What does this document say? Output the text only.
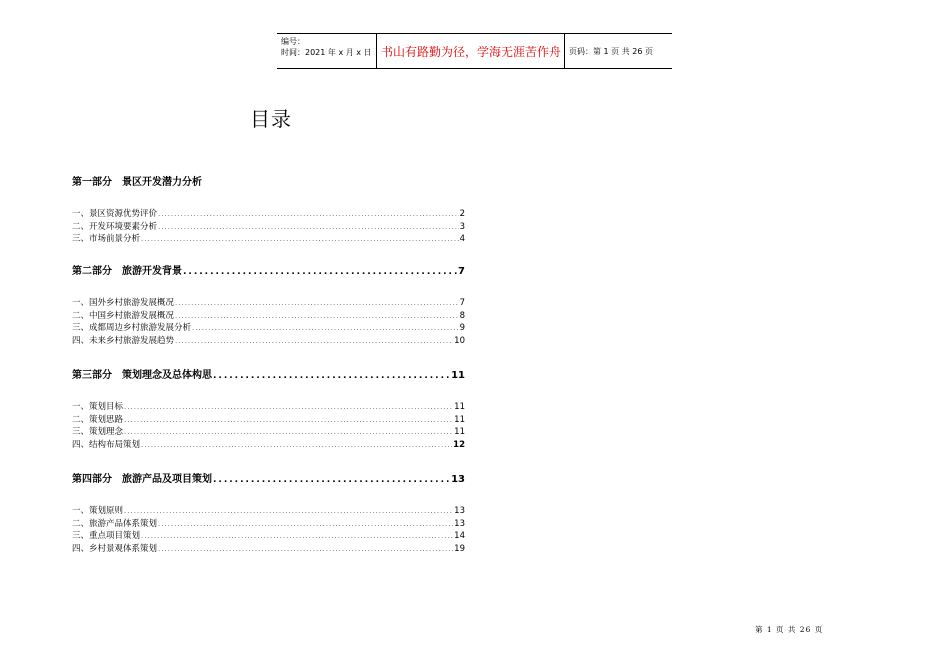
编号：
时间：2021 年 x 月 x 日 书山有路勤为径，学海无涯苦作舟	页码：第 1 页 共 26 页
目录
第一部分　景区开发潜力分析
一、景区资源优势评价 .....	2
二、开发环境要素分析 .....	3
三、市场前景分析 .....	4
第二部分　旅游开发背景 .....	7
一、国外乡村旅游发展概况 .....	7
二、中国乡村旅游发展概况 .....	8
三、成都周边乡村旅游发展分析 .....	9
四、未来乡村旅游发展趋势 .....	10
第三部分　策划理念及总体构思 .....	11
一、策划目标 .....	11
二、策划思路 .....	11
三、策划理念 .....	11
四、结构布局策划 .....	12
第四部分　旅游产品及项目策划 .....	13
一、策划原则 .....	13
二、旅游产品体系策划 .....	13
三、重点项目策划 .....	14
四、乡村景观体系策划 .....	19
第 1 页 共 26 页
